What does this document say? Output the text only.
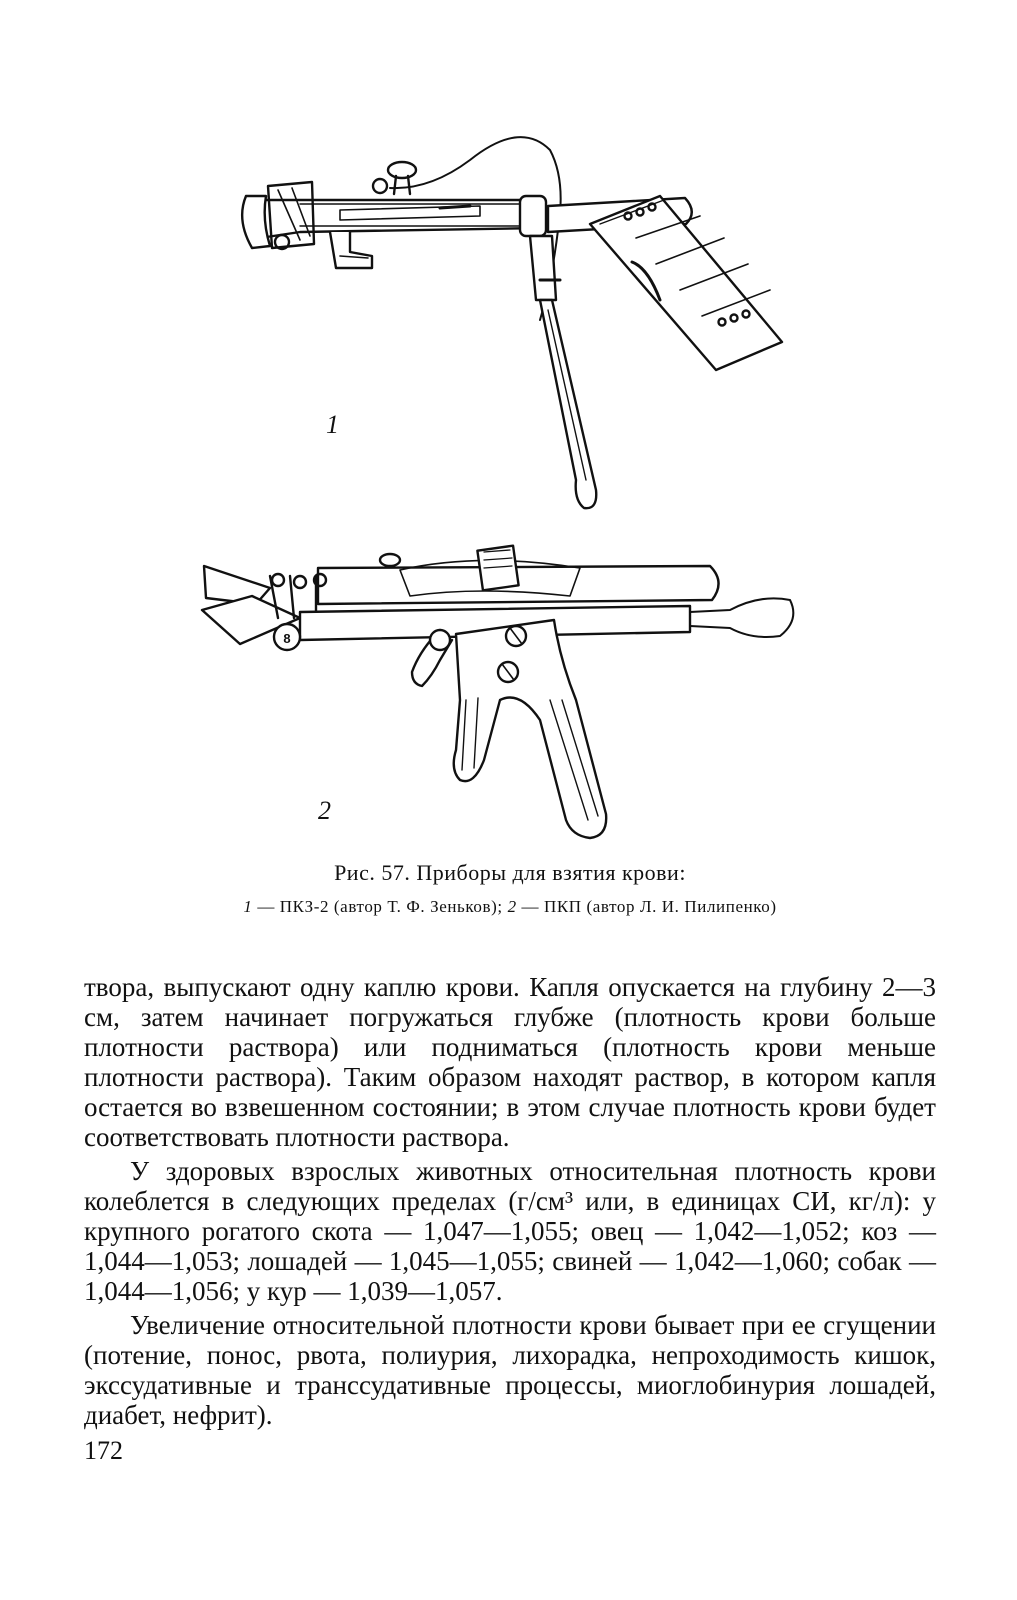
8
1
2
Рис. 57. Приборы для взятия крови:
1 — ПКЗ-2 (автор Т. Ф. Зеньков); 2 — ПКП (автор Л. И. Пилипенко)

твора, выпускают одну каплю крови. Капля опускается на глубину 2—3 см, затем начинает погружаться глубже (плотность крови больше плотности раствора) или подниматься (плотность крови меньше плотности раствора). Таким образом находят раствор, в котором капля остается во взвешенном состоянии; в этом случае плотность крови будет соответствовать плотности раствора.

У здоровых взрослых животных относительная плотность крови колеблется в следующих пределах (г/см³ или, в единицах СИ, кг/л): у крупного рогатого скота — 1,047—1,055; овец — 1,042—1,052; коз — 1,044—1,053; лошадей — 1,045—1,055; свиней — 1,042—1,060; собак — 1,044—1,056; у кур — 1,039—1,057.

Увеличение относительной плотности крови бывает при ее сгущении (потение, понос, рвота, полиурия, лихорадка, непроходимость кишок, экссудативные и транссудативные процессы, миоглобинурия лошадей, диабет, нефрит).

172
